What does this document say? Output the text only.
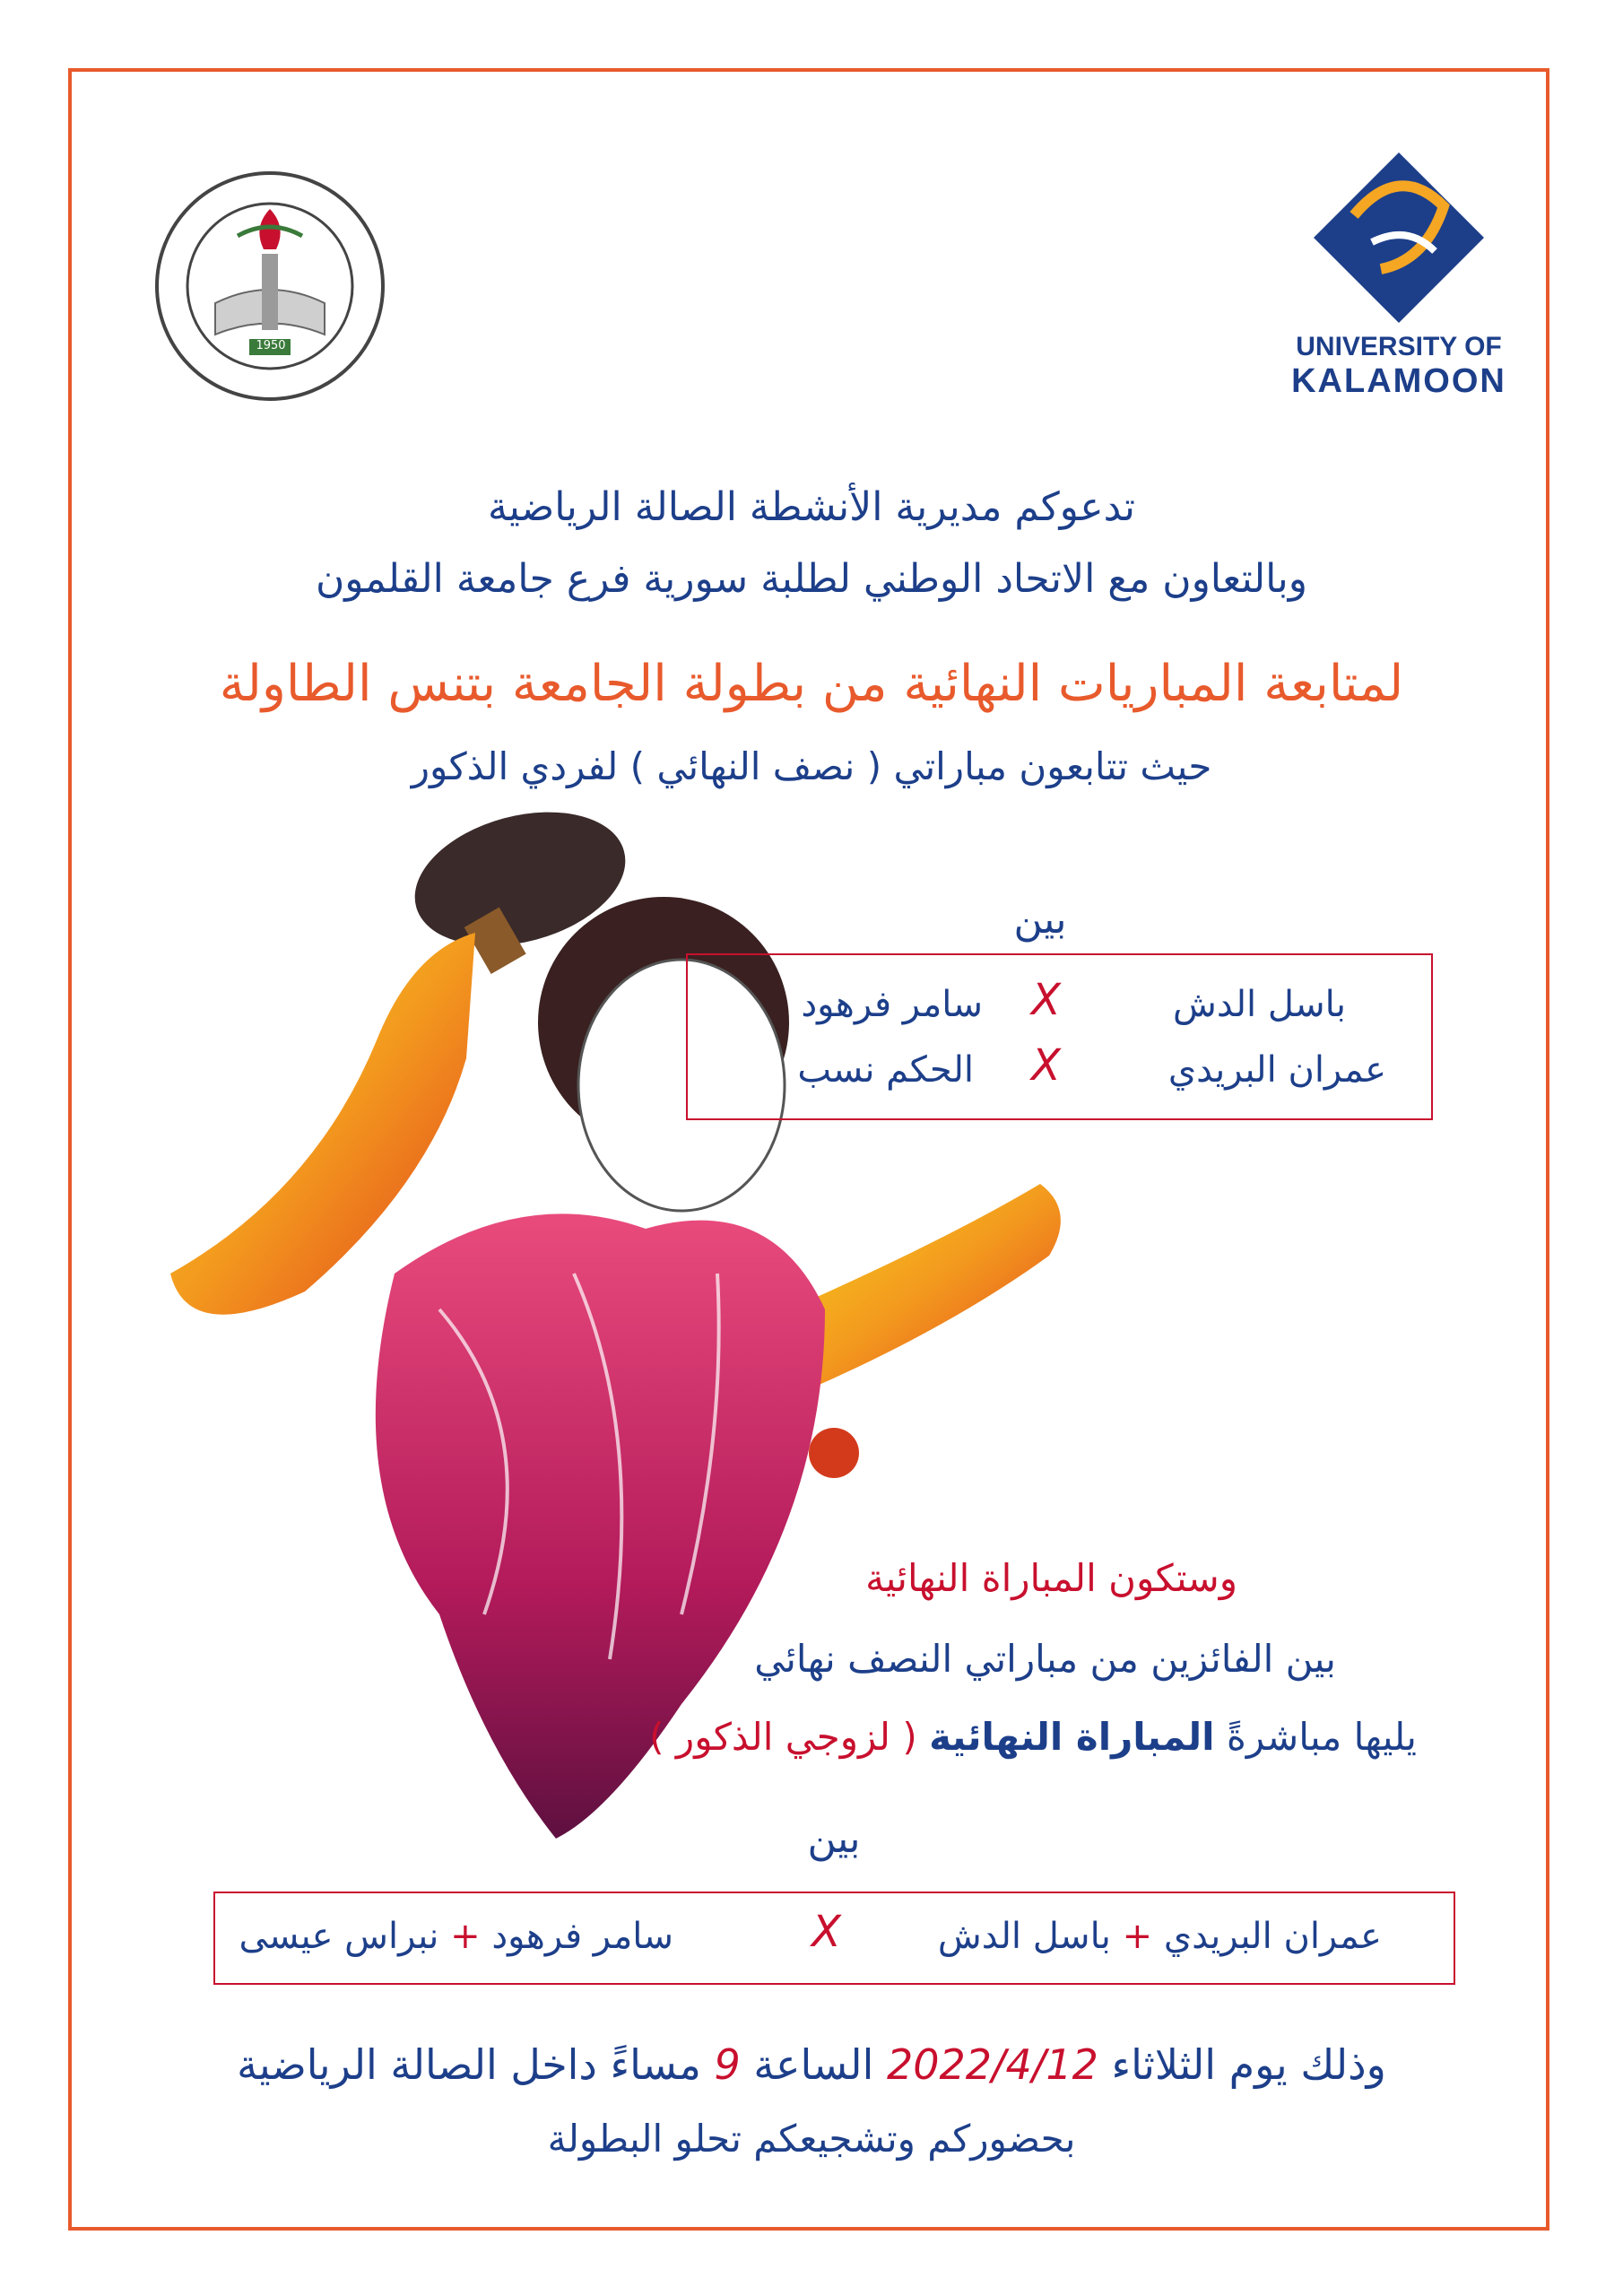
1950	UNIVERSITY OF
KALAMOON
تدعوكم مديرية الأنشطة الصالة الرياضية
وبالتعاون مع الاتحاد الوطني لطلبة سورية فرع جامعة القلمون
لمتابعة المباريات النهائية من بطولة الجامعة بتنس الطاولة
حيث تتابعون مباراتي ( نصف النهائي ) لفردي الذكور
بين
باسل الدش
X
سامر فرهود
عمران البريدي
X
الحكم نسب
وستكون المباراة النهائية
بين الفائزين من مباراتي النصف نهائي
يليها مباشرةً المباراة النهائية ( لزوجي الذكور )
بين
عمران البريدي + باسل الدش
X
سامر فرهود + نبراس عيسى
وذلك يوم الثلاثاء 2022/4/12 الساعة 9 مساءً داخل الصالة الرياضية
بحضوركم وتشجيعكم تحلو البطولة
